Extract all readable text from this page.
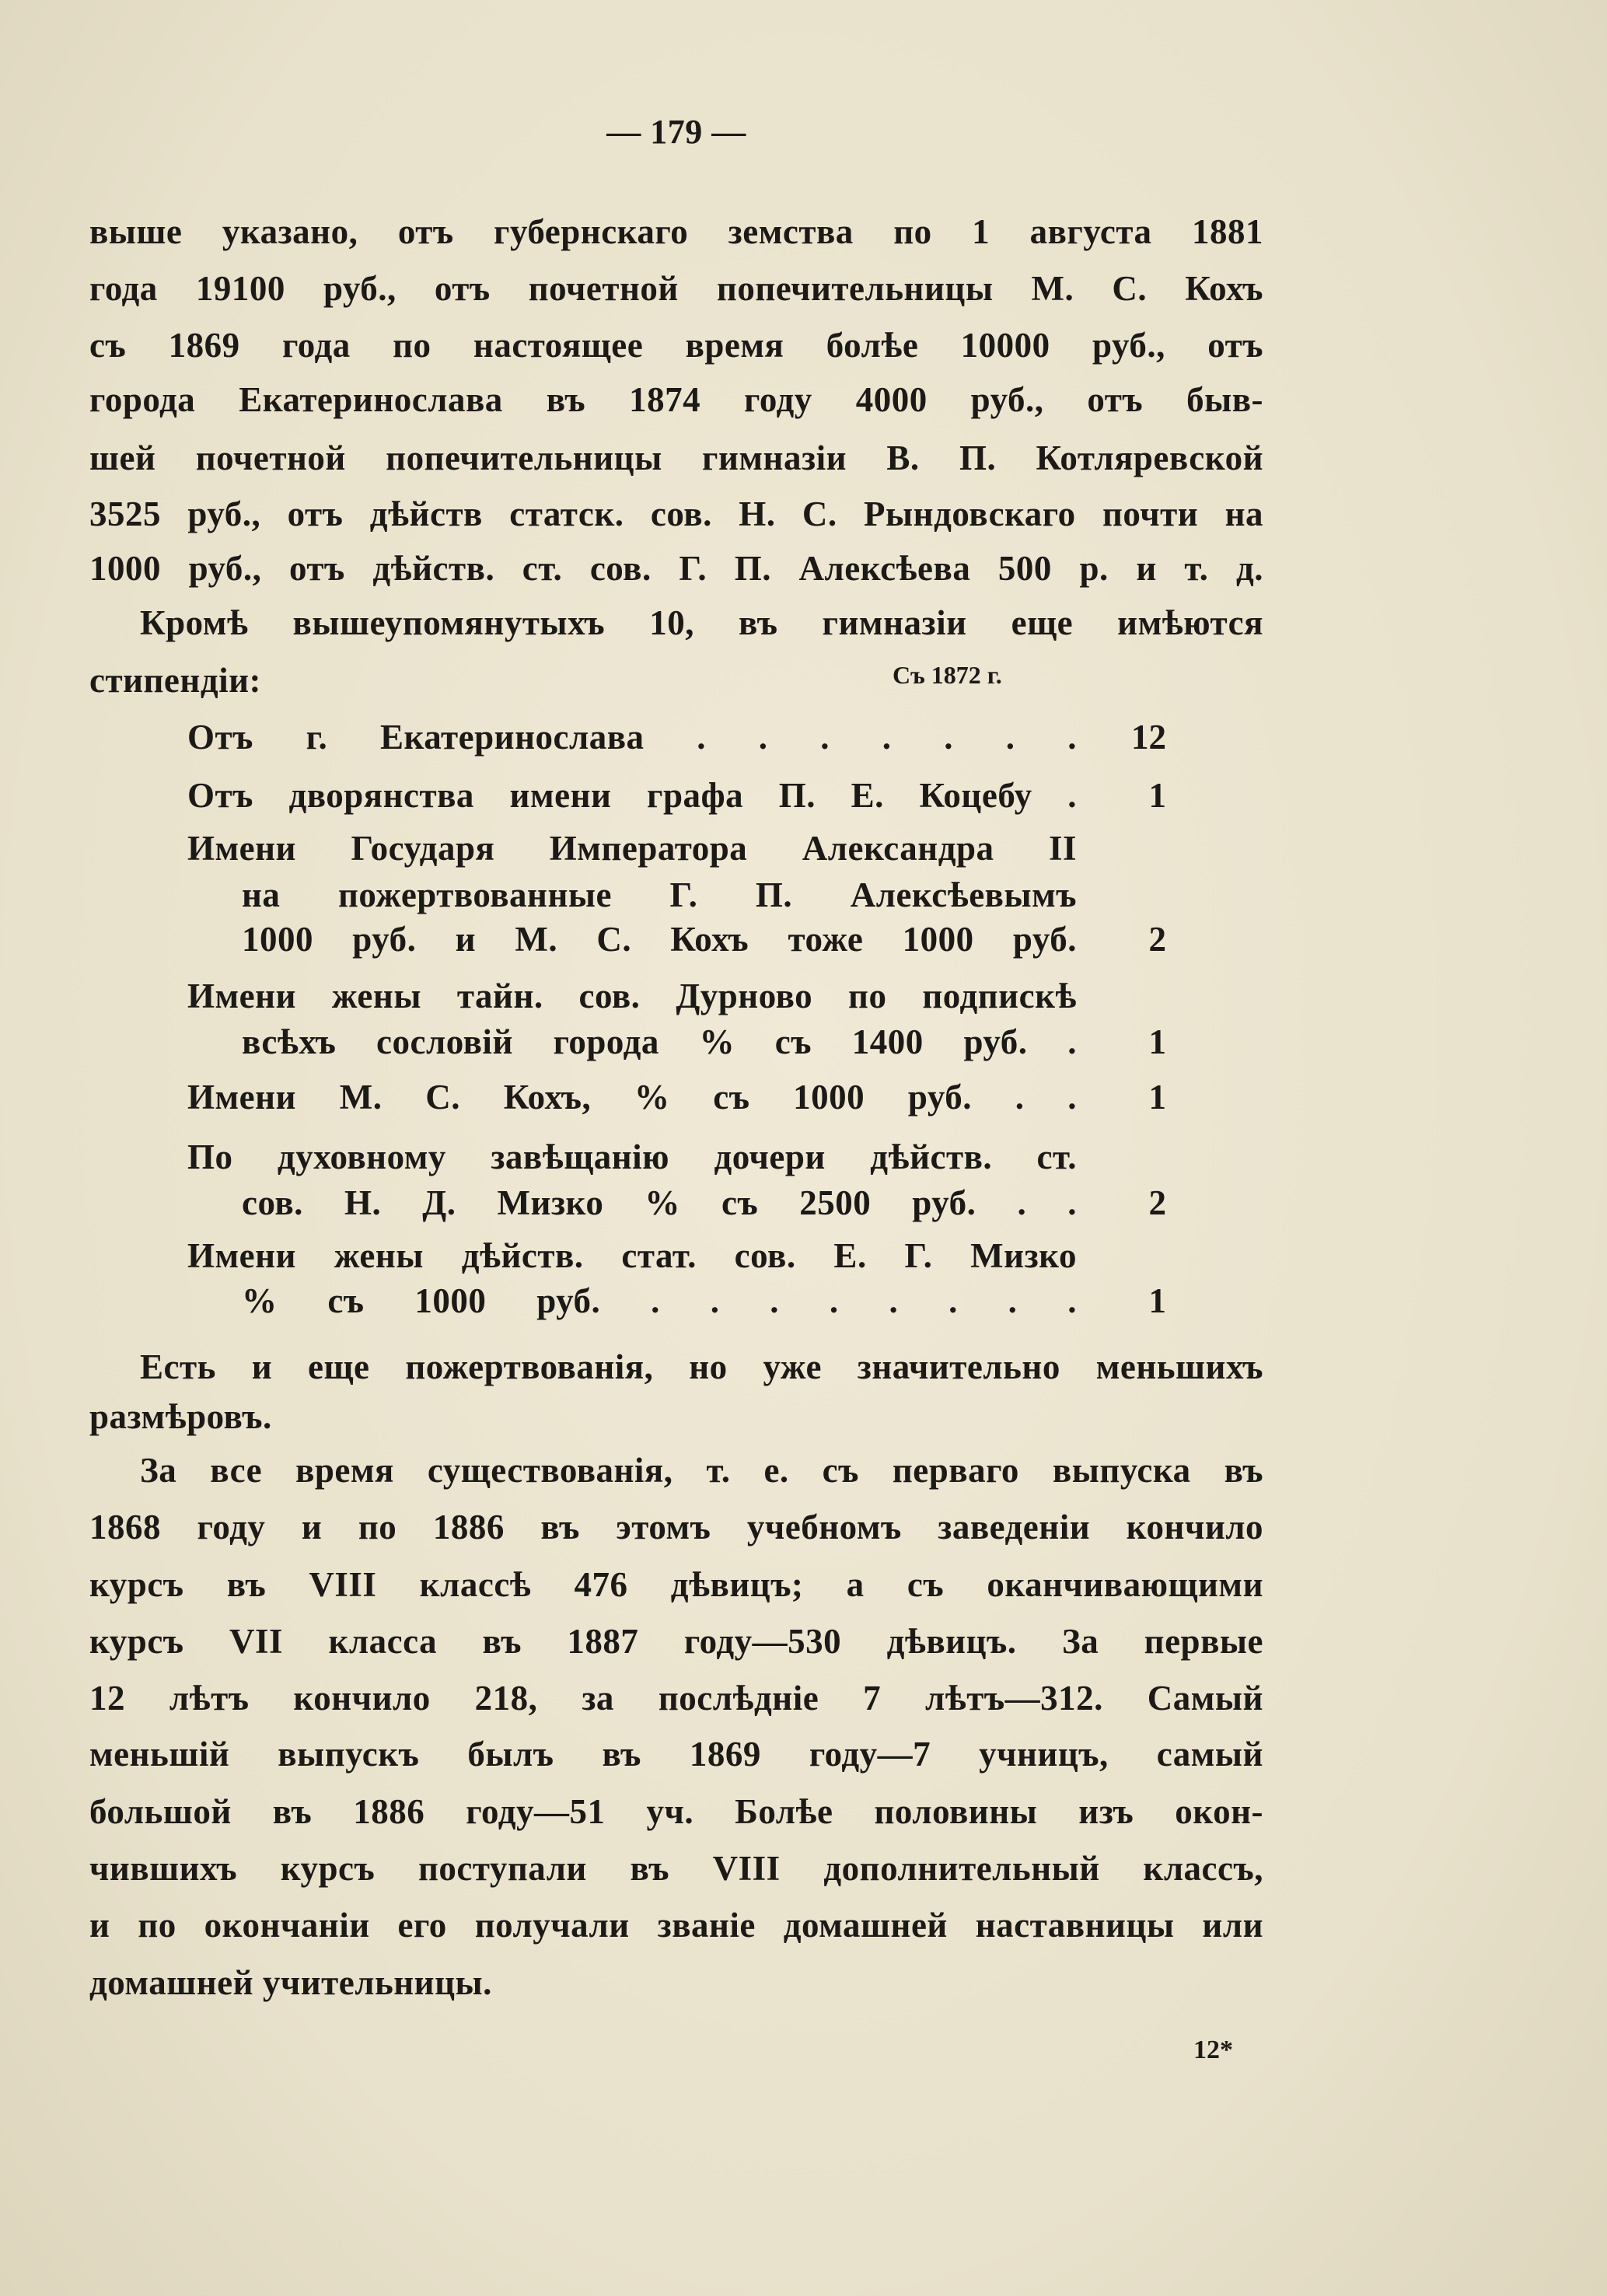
— 179 —
выше указано, отъ губернскаго земства по 1 августа 1881
года 19100 руб., отъ почетной попечительницы М. С. Кохъ
съ 1869 года по настоящее время болѣе 10000 руб., отъ
города Екатеринослава въ 1874 году 4000 руб., отъ быв-
шей почетной попечительницы гимназіи В. П. Котляревской
3525 руб., отъ дѣйств статск. сов. Н. С. Рындовскаго почти на
1000 руб., отъ дѣйств. ст. сов. Г. П. Алексѣева 500 р. и т. д.
Кромѣ вышеупомянутыхъ 10, въ гимназіи еще имѣются
стипендіи:	Съ 1872 г.
Отъ г. Екатеринослава . . . . . . .	12
Отъ дворянства имени графа П. Е. Коцебу .	1
Имени Государя Императора Александра II
на пожертвованные Г. П. Алексѣевымъ
1000 руб. и М. С. Кохъ тоже 1000 руб.	2
Имени жены тайн. сов. Дурново по подпискѣ
всѣхъ сословій города % съ 1400 руб. .	1
Имени М. С. Кохъ, % съ 1000 руб. . .	1
По духовному завѣщанію дочери дѣйств. ст.
сов. Н. Д. Мизко % съ 2500 руб. . .	2
Имени жены дѣйств. стат. сов. Е. Г. Мизко
% съ 1000 руб. . . . . . . . .	1
Есть и еще пожертвованія, но уже значительно меньшихъ
размѣровъ.
За все время существованія, т. е. съ перваго выпуска въ
1868 году и по 1886 въ этомъ учебномъ заведеніи кончило
курсъ въ VIII классѣ 476 дѣвицъ; а съ оканчивающими
курсъ VII класса въ 1887 году—530 дѣвицъ. За первые
12 лѣтъ кончило 218, за послѣдніе 7 лѣтъ—312. Самый
меньшій выпускъ былъ въ 1869 году—7 учницъ, самый
большой въ 1886 году—51 уч. Болѣе половины изъ окон-
чившихъ курсъ поступали въ VIII дополнительный классъ,
и по окончаніи его получали званіе домашней наставницы или
домашней учительницы.
12*
